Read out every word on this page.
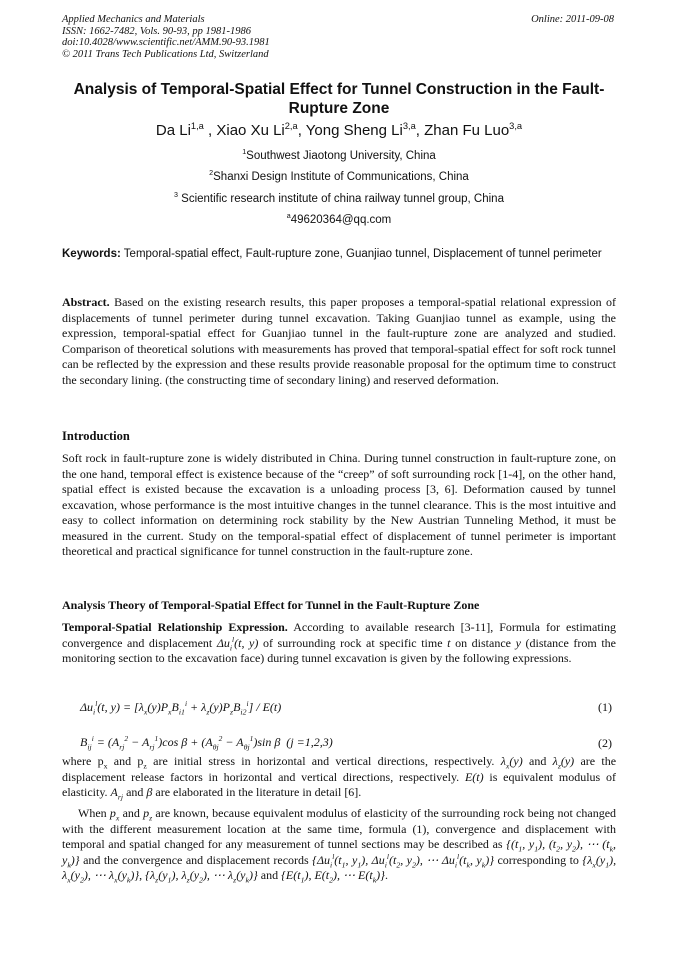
Applied Mechanics and Materials
ISSN: 1662-7482, Vols. 90-93, pp 1981-1986
doi:10.4028/www.scientific.net/AMM.90-93.1981
© 2011 Trans Tech Publications Ltd, Switzerland
Online: 2011-09-08
Analysis of Temporal-Spatial Effect for Tunnel Construction in the Fault-Rupture Zone
Da Li$^{1,a}$ , Xiao Xu Li$^{2,a}$, Yong Sheng Li$^{3,a}$, Zhan Fu Luo$^{3,a}$
$^1$Southwest Jiaotong University, China
$^2$Shanxi Design Institute of Communications, China
$^3$ Scientific research institute of china railway tunnel group, China
$^a$49620364@qq.com
Keywords: Temporal-spatial effect, Fault-rupture zone, Guanjiao tunnel, Displacement of tunnel perimeter
Abstract. Based on the existing research results, this paper proposes a temporal-spatial relational expression of displacements of tunnel perimeter during tunnel excavation. Taking Guanjiao tunnel as example, using the expression, temporal-spatial effect for Guanjiao tunnel in the fault-rupture zone are analyzed and studied. Comparison of theoretical solutions with measurements has proved that temporal-spatial effect for soft rock tunnel can be reflected by the expression and these results provide reasonable proposal for the optimum time to construct the secondary lining. (the constructing time of secondary lining) and reserved deformation.
Introduction
Soft rock in fault-rupture zone is widely distributed in China. During tunnel construction in fault-rupture zone, on the one hand, temporal effect is existence because of the “creep” of soft surrounding rock [1-4], on the other hand, spatial effect is existed because the excavation is a unloading process [3, 6]. Deformation caused by tunnel excavation, whose performance is the most intuitive changes in the tunnel clearance. This is the most intuitive and easy to collect information on determining rock stability by the New Austrian Tunneling Method, it must be measured in the current. Study on the temporal-spatial effect of displacement of tunnel perimeter is important theoretical and practical significance for tunnel construction in the fault-rupture zone.
Analysis Theory of Temporal-Spatial Effect for Tunnel in the Fault-Rupture Zone
Temporal-Spatial Relationship Expression. According to available research [3-11], Formula for estimating convergence and displacement $\Delta u_i^l(t$, y) of surrounding rock at specific time t on distance y (distance from the monitoring section to the excavation face) during tunnel excavation is given by the following expressions.
$\Delta u_i^l(t$, $y) = [\lambda_x(y)P_xB_{i1}^i + \lambda_z(y)P_zB_{i2}^i] / E(t)$	(1)
$B_{ij}^i = (A_{rj}^2 - A_{rj}^1)\cos$ $\beta + (A_{\theta j}^2 - A_{\theta j}^1)\sin$ β  (j =1,2,3)	(2)
where $p_x$ and $p_z$ are initial stress in horizontal and vertical directions, respectively. $\lambda_x(y)$ and $\lambda_z(y)$ are the displacement release factors in horizontal and vertical directions, respectively. E(t) is equivalent modulus of elasticity. $A_{rj}$ and β are elaborated in the literature in detail [6].
When $p_x$ and $p_z$ are known, because equivalent modulus of elasticity of the surrounding rock being not changed with the different measurement location at the same time, formula (1), convergence and displacement with temporal and spatial changed for any measurement of tunnel sections may be described as {($t_1$, $y_1$), ($t_2$, $y_2$), ⋯ ($t_k$, $y_k$)} and the convergence and displacement records {$\Delta u_i^l(t_1$, $y_1$), $\Delta u_i^l(t_2$, $y_2$), ⋯ $\Delta u_i^l(t_k$, $y_k$)} corresponding to {$\lambda_x(y_1)$, $\lambda_x(y_2)$, ⋯ $\lambda_x(y_k)$}, {$\lambda_z(y_1)$, $\lambda_z(y_2)$, ⋯ $\lambda_z(y_k)$} and {$E(t_1)$, $E(t_2)$, ⋯ $E(t_k)$}.
